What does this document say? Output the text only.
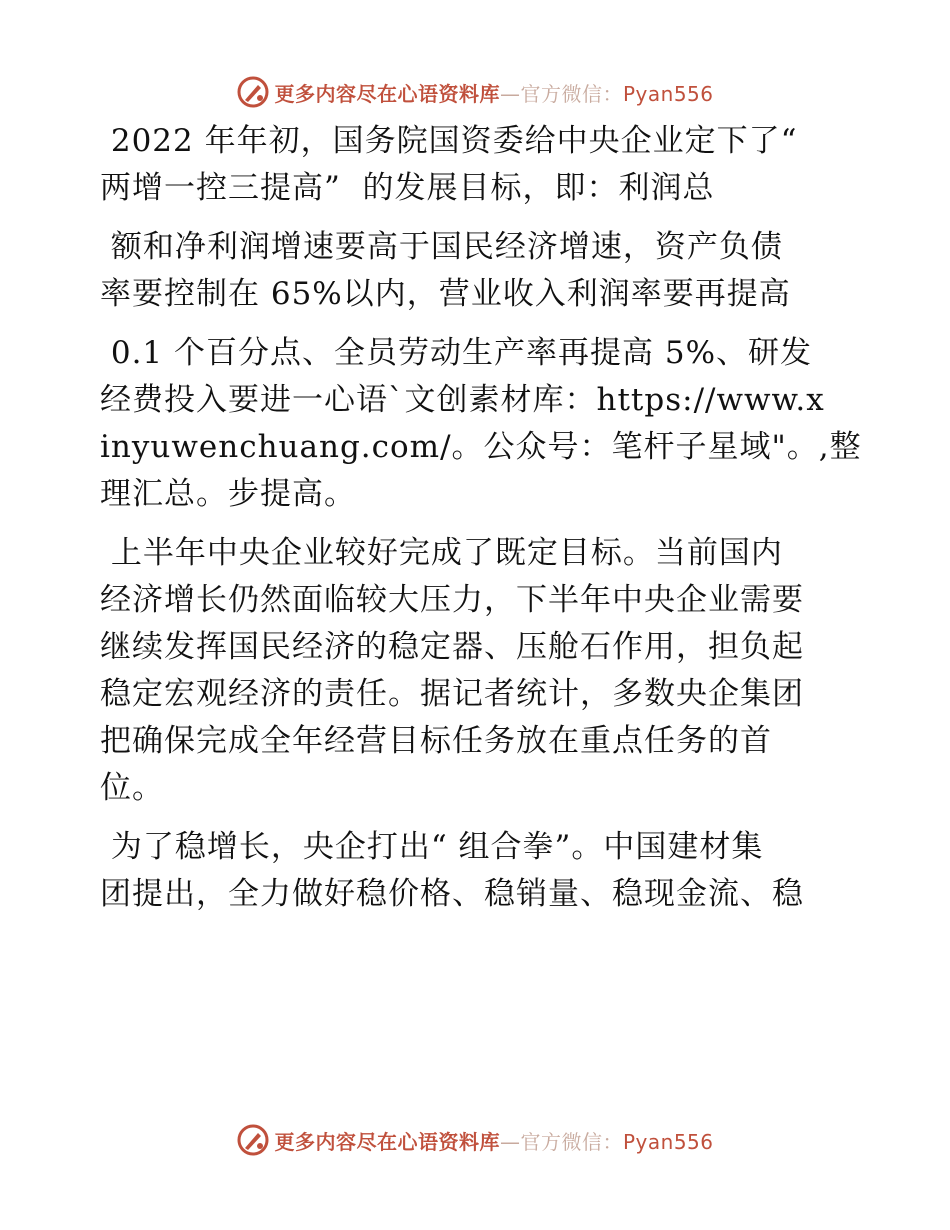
更多内容尽在心语资料库—官方微信：Pyan556
2022 年年初，国务院国资委给中央企业定下了“
两增一控三提高”  的发展目标，即：利润总
额和净利润增速要高于国民经济增速，资产负债
率要控制在 65%以内，营业收入利润率要再提高
0.1 个百分点、全员劳动生产率再提高 5%、研发
经费投入要进一心语`文创素材库：https://www.x
inyuwenchuang.com/。公众号：笔杆子星域"。,整
理汇总。步提高。
上半年中央企业较好完成了既定目标。当前国内
经济增长仍然面临较大压力，下半年中央企业需要
继续发挥国民经济的稳定器、压舱石作用，担负起
稳定宏观经济的责任。据记者统计，多数央企集团
把确保完成全年经营目标任务放在重点任务的首
位。
为了稳增长，央企打出“ 组合拳”。中国建材集
团提出，全力做好稳价格、稳销量、稳现金流、稳
更多内容尽在心语资料库—官方微信：Pyan556
